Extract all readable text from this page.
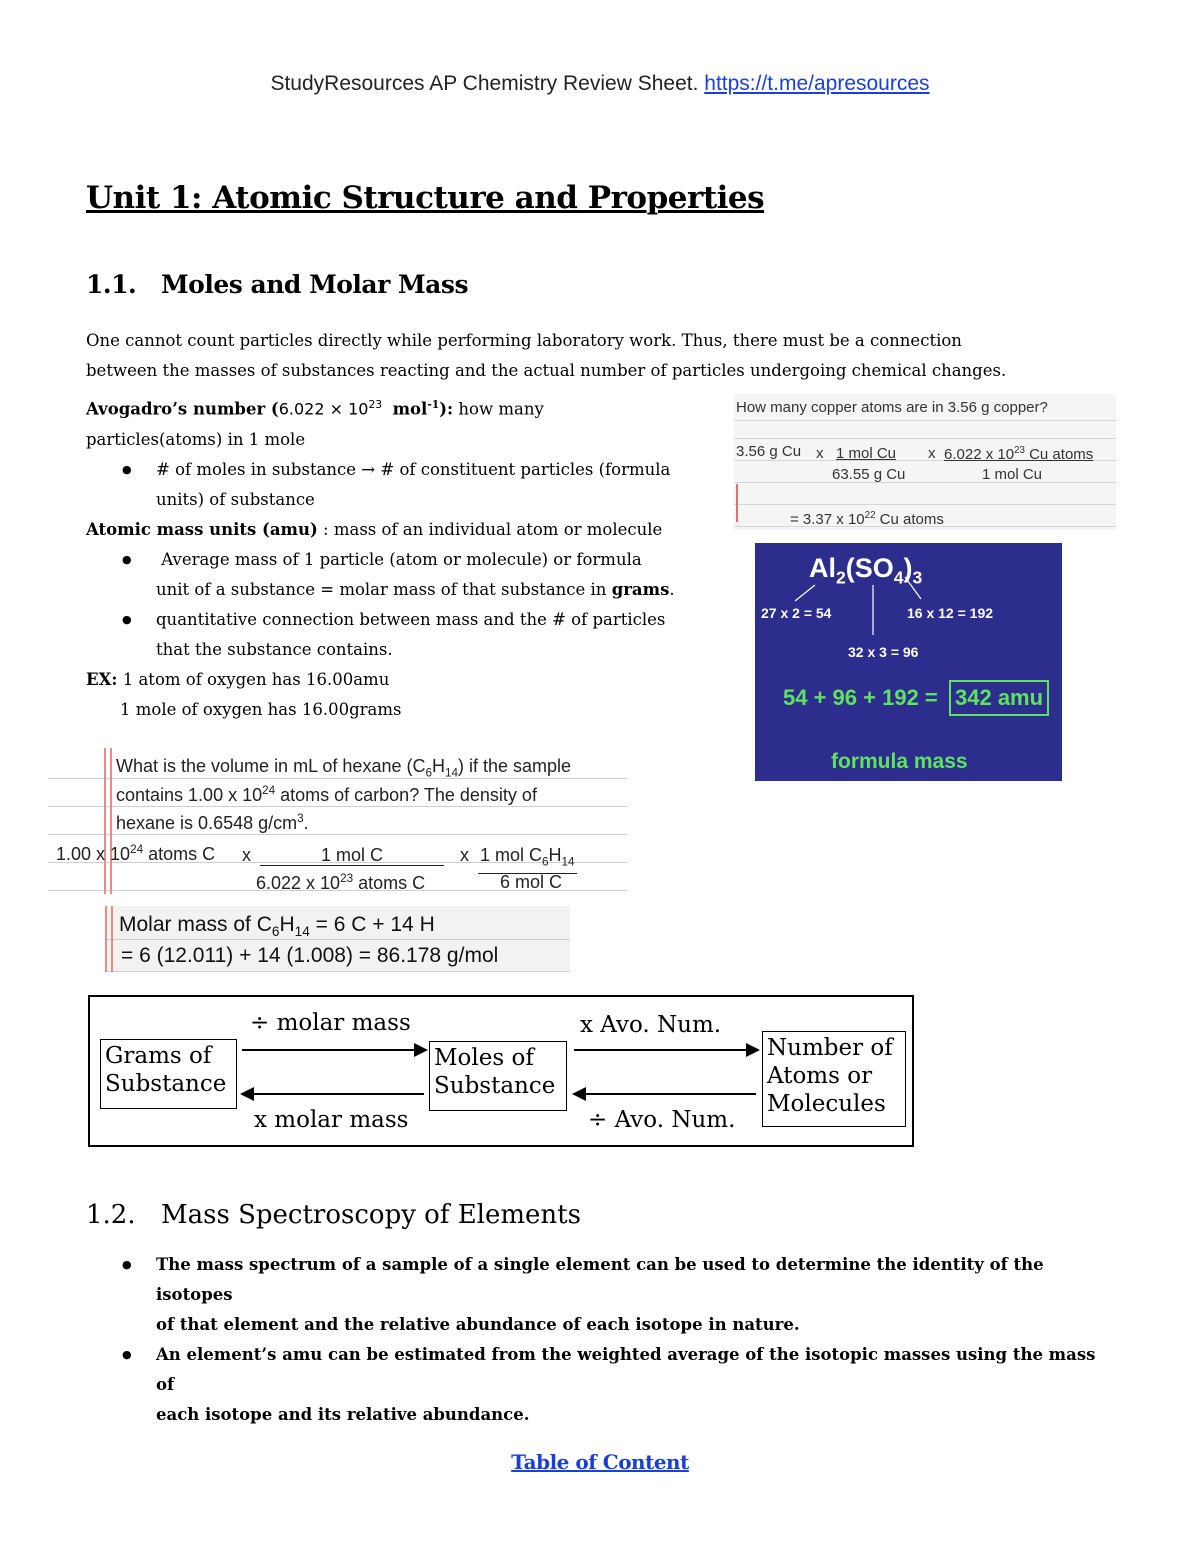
StudyResources AP Chemistry Review Sheet. https://t.me/apresources
Unit 1: Atomic Structure and Properties
1.1. Moles and Molar Mass
One cannot count particles directly while performing laboratory work. Thus, there must be a connection
between the masses of substances reacting and the actual number of particles undergoing chemical changes.
Avogadro’s number ($6.022 \times 10^{23}$ mol$^{-1}$): how many
particles(atoms) in 1 mole
● # of moles in substance → # of constituent particles (formula
units) of substance
Atomic mass units (amu) : mass of an individual atom or molecule
● Average mass of 1 particle (atom or molecule) or formula
unit of a substance = molar mass of that substance in grams.
● quantitative connection between mass and the # of particles
that the substance contains.
EX: 1 atom of oxygen has 16.00amu
1 mole of oxygen has 16.00grams
How many copper atoms are in 3.56 g copper?
3.56 g Cu x 1 mol Cu
63.55 g Cu
x 6.022 x $10^{23}$ Cu atoms
1 mol Cu
= 3.37 x $10^{22}$ Cu atoms
$Al_2(SO_4)_3$
27 x 2 = 54	16 x 12 = 192
32 x 3 = 96
54 + 96 + 192 = 342 amu
formula mass
What is the volume in mL of hexane $(C_6H_{14})$ if the sample
contains 1.00 x $10^{24}$ atoms of carbon? The density of
hexane is 0.6548 $g/cm^3$.
1.00 x $10^{24}$ atoms C x	1 mol C
6.022 x $10^{23}$ atoms C
x 1 mol $C_6H_{14}$
6 mol C
Molar mass of $C_6H_{14} = 6$ C + 14 H
= 6 (12.011) + 14 (1.008) = 86.178 g/mol
Grams of
Substance
Moles of
Substance
Number of
Atoms or
Molecules
÷ molar mass
x molar mass
x Avo. Num.
÷ Avo. Num.
1.2. Mass Spectroscopy of Elements
● The mass spectrum of a sample of a single element can be used to determine the identity of the isotopes
of that element and the relative abundance of each isotope in nature.
● An element’s amu can be estimated from the weighted average of the isotopic masses using the mass of
each isotope and its relative abundance.
Table of Content
